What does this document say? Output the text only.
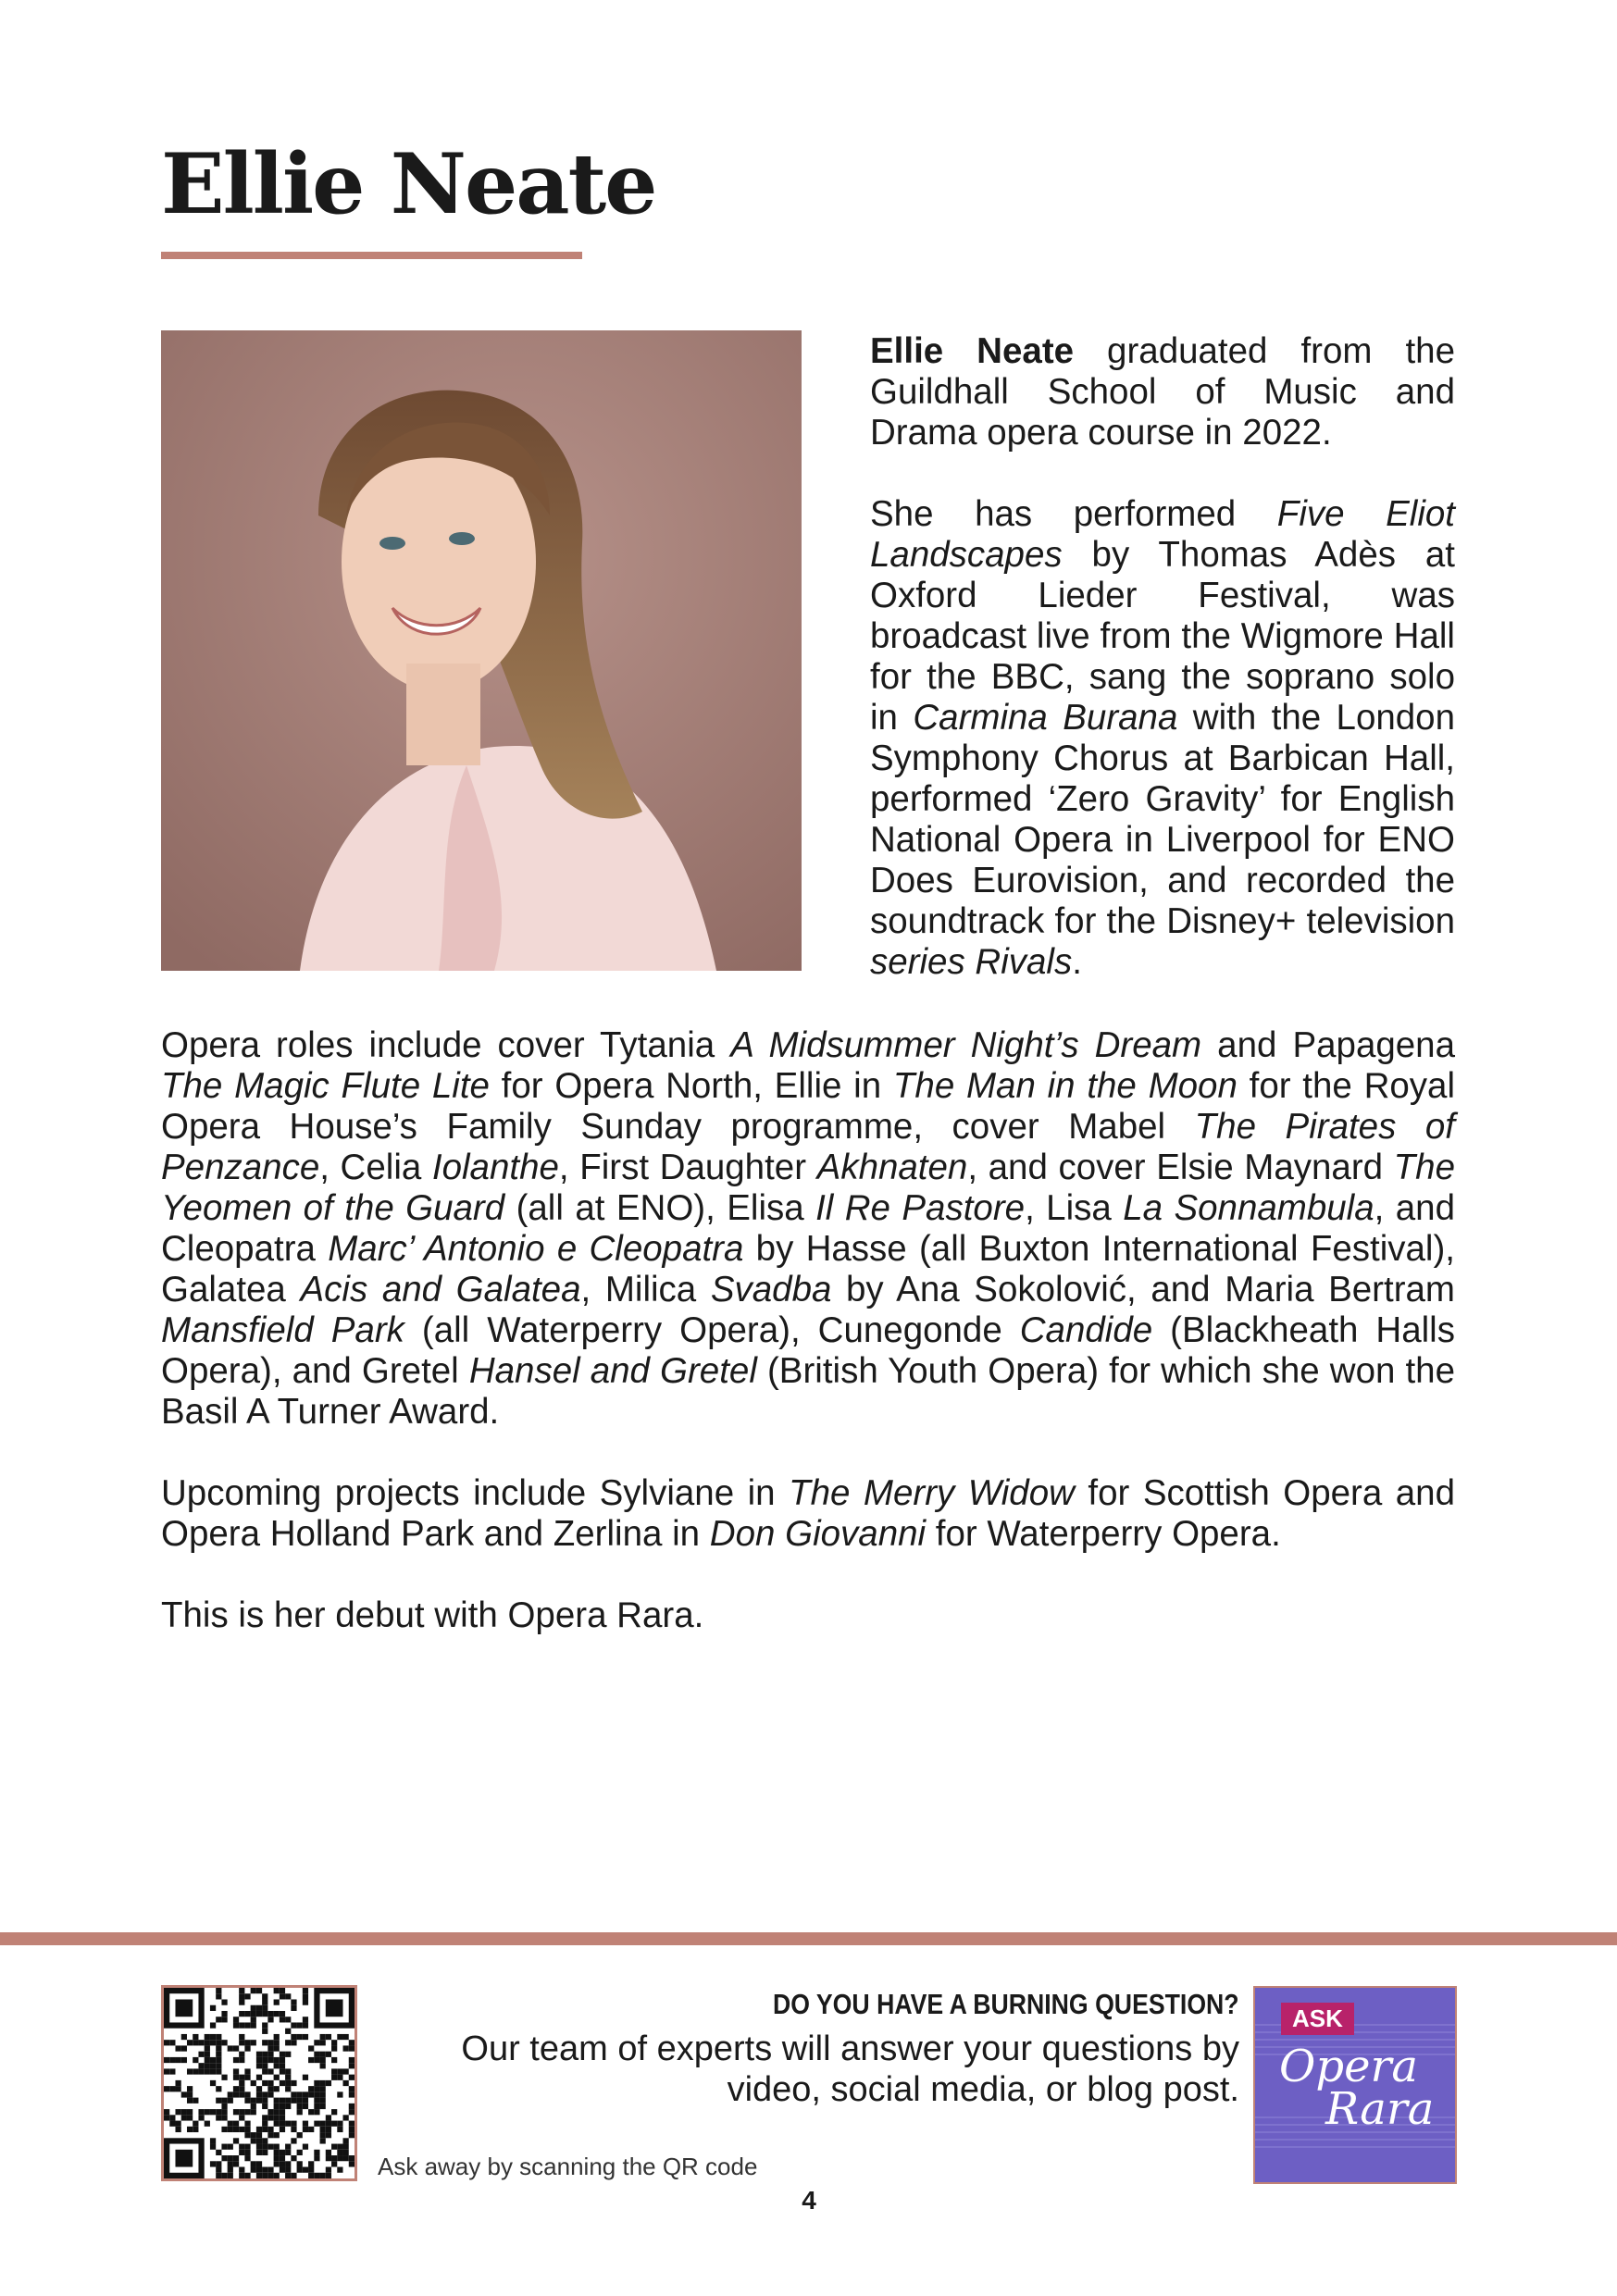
Ellie Neate

Ellie Neate graduated from the Guildhall School of Music and Drama opera course in 2022.

She has performed Five Eliot Landscapes by Thomas Adès at Oxford Lieder Festival, was broadcast live from the Wigmore Hall for the BBC, sang the soprano solo in Carmina Burana with the London Symphony Chorus at Barbican Hall, performed ‘Zero Gravity’ for English National Opera in Liverpool for ENO Does Eurovision, and recorded the soundtrack for the Disney+ television series Rivals.

Opera roles include cover Tytania A Midsummer Night’s Dream and Papagena The Magic Flute Lite for Opera North, Ellie in The Man in the Moon for the Royal Opera House’s Family Sunday programme, cover Mabel The Pirates of Penzance, Celia Iolanthe, First Daughter Akhnaten, and cover Elsie Maynard The Yeomen of the Guard (all at ENO), Elisa Il Re Pastore, Lisa La Sonnambula, and Cleopatra Marc’ Antonio e Cleopatra by Hasse (all Buxton International Festival), Galatea Acis and Galatea, Milica Svadba by Ana Sokolović, and Maria Bertram Mansfield Park (all Waterperry Opera), Cunegonde Candide (Blackheath Halls Opera), and Gretel Hansel and Gretel (British Youth Opera) for which she won the Basil A Turner Award.

Upcoming projects include Sylviane in The Merry Widow for Scottish Opera and Opera Holland Park and Zerlina in Don Giovanni for Waterperry Opera.

This is her debut with Opera Rara.

DO YOU HAVE A BURNING QUESTION?
Our team of experts will answer your questions by
video, social media, or blog post.
Ask away by scanning the QR code
4
ASK
Opera
Rara
